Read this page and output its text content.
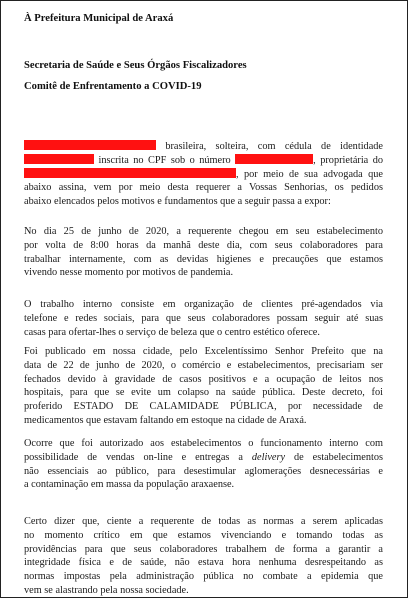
À Prefeitura Municipal de Araxá
Secretaria de Saúde e Seus Órgãos Fiscalizadores
Comitê de Enfrentamento a COVID-19
brasileira, solteira, com cédula de identidade
inscrita no CPF sob o número	, proprietária do
, por meio de sua advogada que
abaixo assina, vem por meio desta requerer a Vossas Senhorias, os pedidos
abaixo elencados pelos motivos e fundamentos que a seguir passa a expor:
No dia 25 de junho de 2020, a requerente chegou em seu estabelecimento
por volta de 8:00 horas da manhã deste dia, com seus colaboradores para
trabalhar internamente, com as devidas higienes e precauções que estamos
vivendo nesse momento por motivos de pandemia.
O trabalho interno consiste em organização de clientes pré-agendados via
telefone e redes sociais, para que seus colaboradores possam seguir até suas
casas para ofertar-lhes o serviço de beleza que o centro estético oferece.
Foi publicado em nossa cidade, pelo Excelentíssimo Senhor Prefeito que na
data de 22 de junho de 2020, o comércio e estabelecimentos, precisariam ser
fechados devido à gravidade de casos positivos e a ocupação de leitos nos
hospitais, para que se evite um colapso na saúde pública. Deste decreto, foi
proferido ESTADO DE CALAMIDADE PÚBLICA, por necessidade de
medicamentos que estavam faltando em estoque na cidade de Araxá.
Ocorre que foi autorizado aos estabelecimentos o funcionamento interno com
possibilidade de vendas on-line e entregas a delivery de estabelecimentos
não essenciais ao público, para desestimular aglomerações desnecessárias e
a contaminação em massa da população araxaense.
Certo dizer que, ciente a requerente de todas as normas a serem aplicadas
no momento crítico em que estamos vivenciando e tomando todas as
providências para que seus colaboradores trabalhem de forma a garantir a
integridade física e de saúde, não estava hora nenhuma desrespeitando as
normas impostas pela administração pública no combate a epidemia que
vem se alastrando pela nossa sociedade.
